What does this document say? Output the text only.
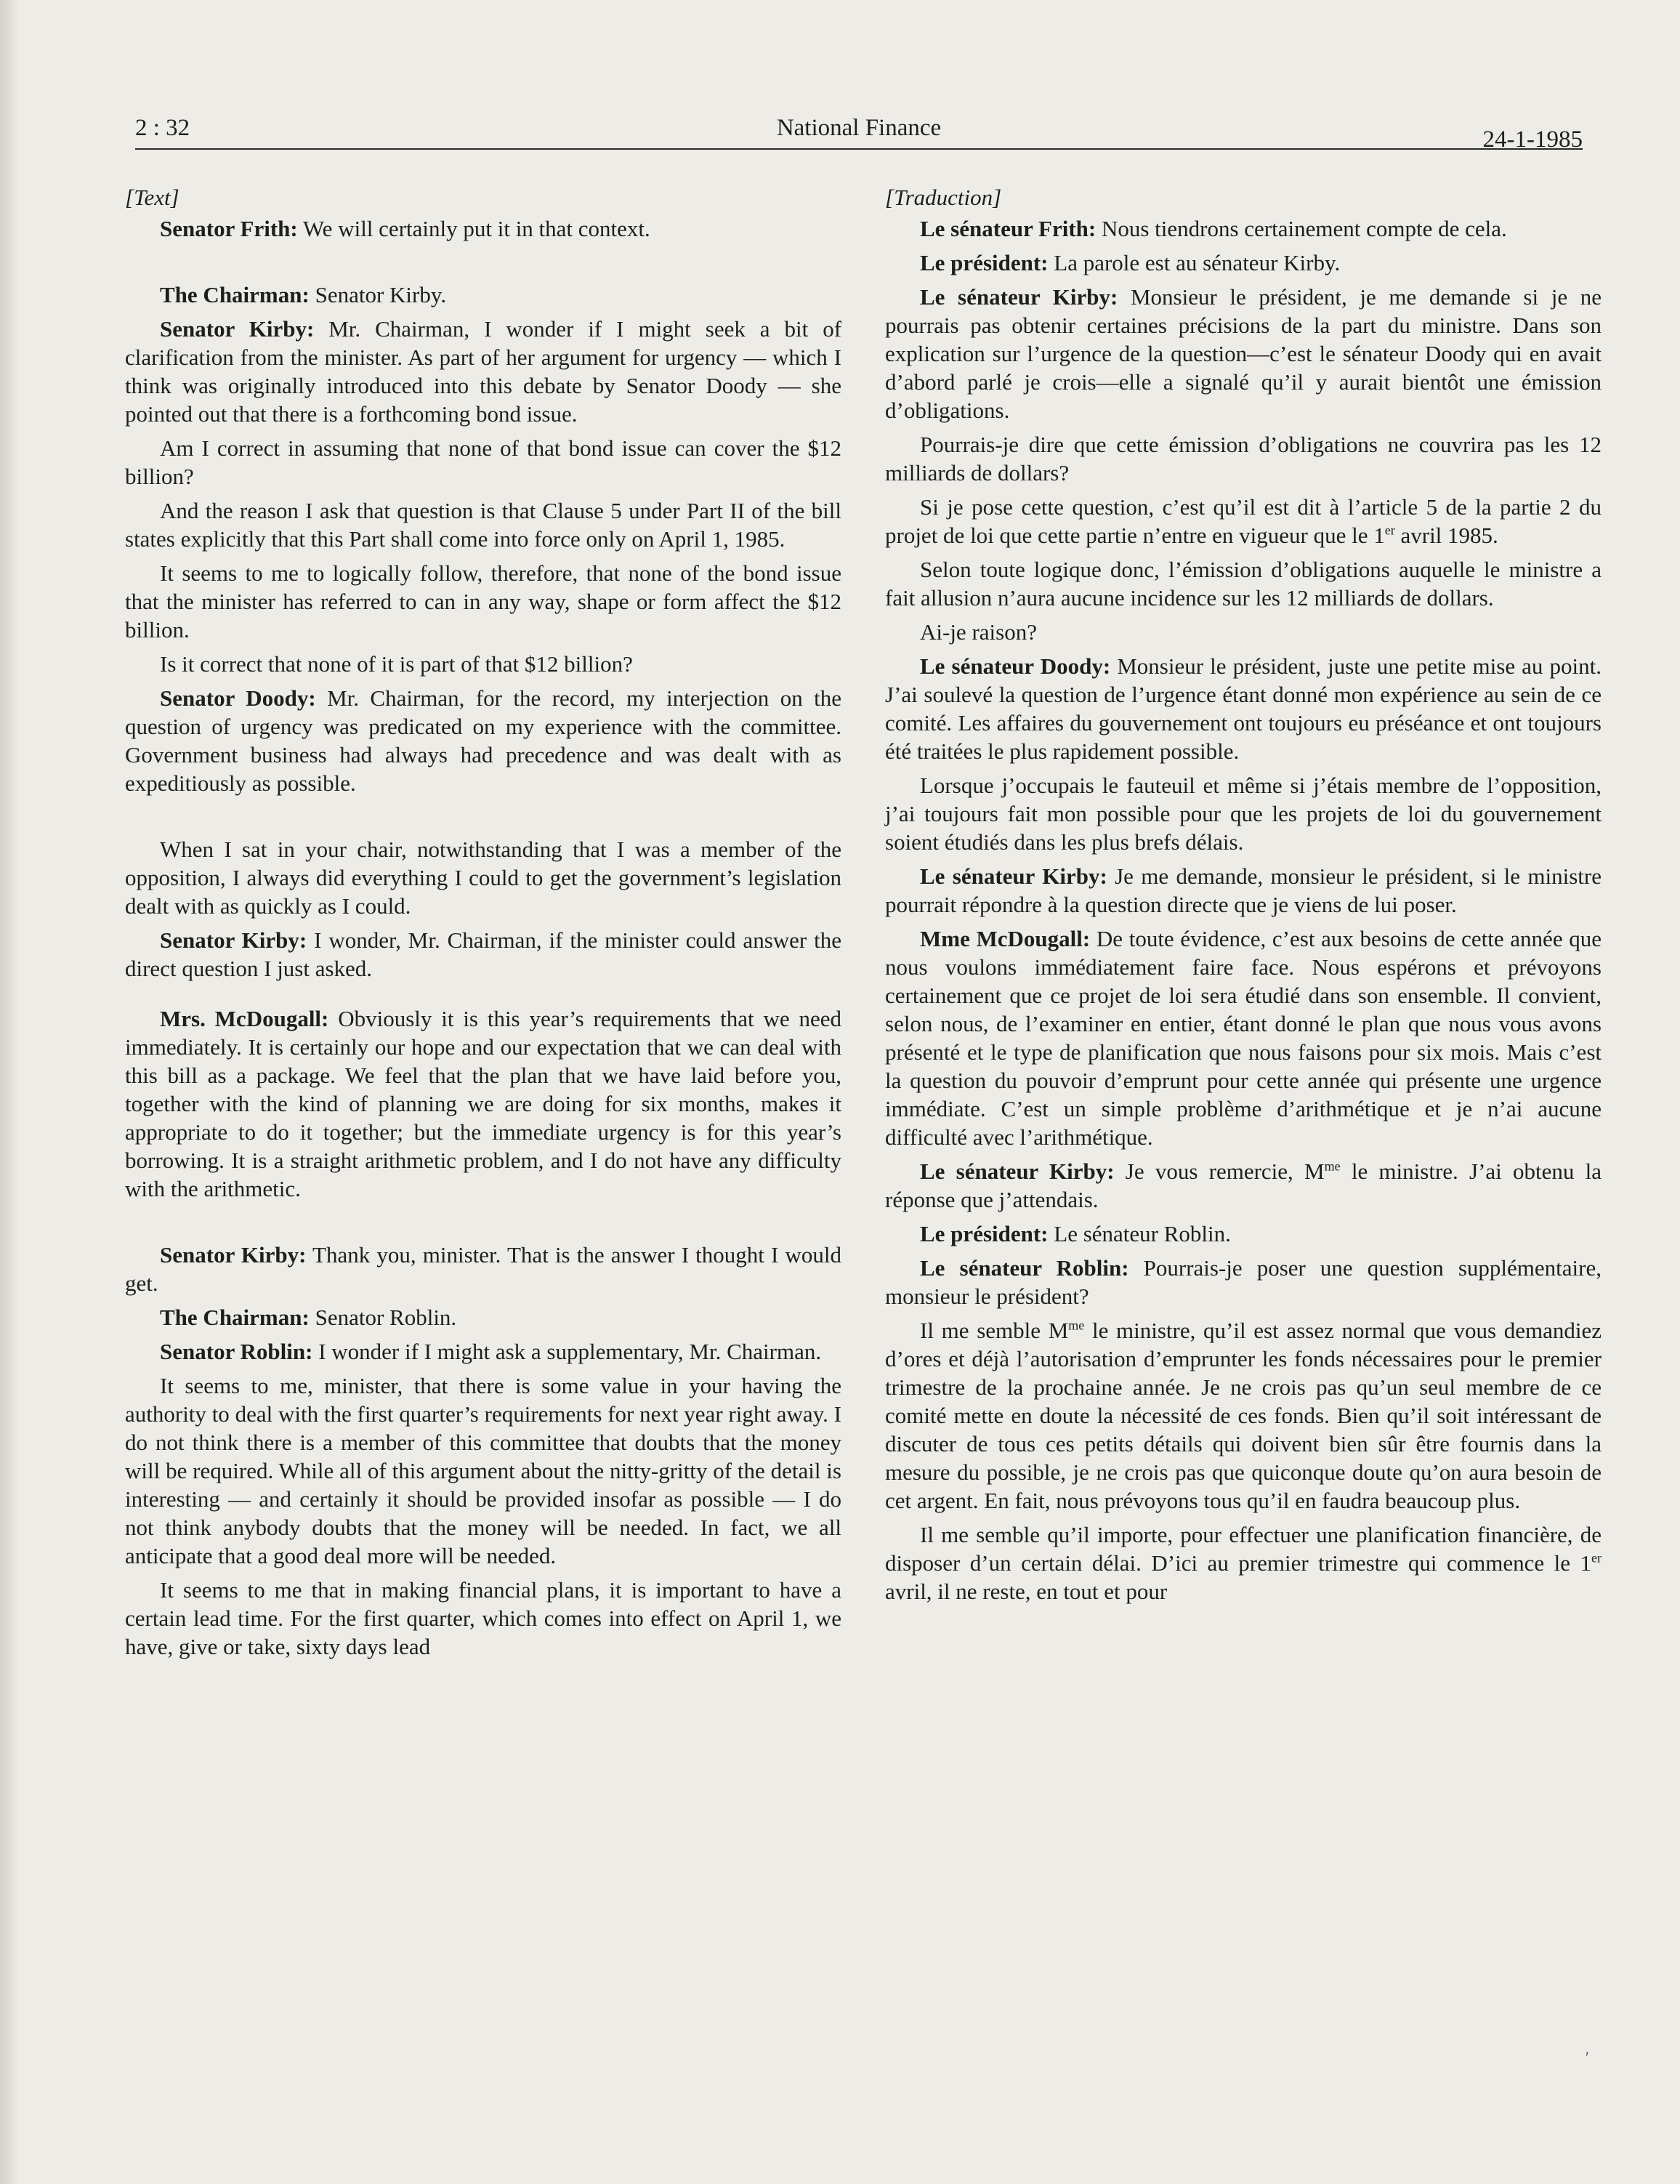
2 : 32	National Finance	24-1-1985

[Text]

Senator Frith: We will certainly put it in that context.

The Chairman: Senator Kirby.

Senator Kirby: Mr. Chairman, I wonder if I might seek a bit of clarification from the minister. As part of her argument for urgency — which I think was originally introduced into this debate by Senator Doody — she pointed out that there is a forthcoming bond issue.

Am I correct in assuming that none of that bond issue can cover the $12 billion?

And the reason I ask that question is that Clause 5 under Part II of the bill states explicitly that this Part shall come into force only on April 1, 1985.

It seems to me to logically follow, therefore, that none of the bond issue that the minister has referred to can in any way, shape or form affect the $12 billion.

Is it correct that none of it is part of that $12 billion?

Senator Doody: Mr. Chairman, for the record, my interjection on the question of urgency was predicated on my experience with the committee. Government business had always had precedence and was dealt with as expeditiously as possible.

When I sat in your chair, notwithstanding that I was a member of the opposition, I always did everything I could to get the government’s legislation dealt with as quickly as I could.

Senator Kirby: I wonder, Mr. Chairman, if the minister could answer the direct question I just asked.

Mrs. McDougall: Obviously it is this year’s requirements that we need immediately. It is certainly our hope and our expectation that we can deal with this bill as a package. We feel that the plan that we have laid before you, together with the kind of planning we are doing for six months, makes it appropriate to do it together; but the immediate urgency is for this year’s borrowing. It is a straight arithmetic problem, and I do not have any difficulty with the arithmetic.

Senator Kirby: Thank you, minister. That is the answer I thought I would get.

The Chairman: Senator Roblin.

Senator Roblin: I wonder if I might ask a supplementary, Mr. Chairman.

It seems to me, minister, that there is some value in your having the authority to deal with the first quarter’s requirements for next year right away. I do not think there is a member of this committee that doubts that the money will be required. While all of this argument about the nitty-gritty of the detail is interesting — and certainly it should be provided insofar as possible — I do not think anybody doubts that the money will be needed. In fact, we all anticipate that a good deal more will be needed.

It seems to me that in making financial plans, it is important to have a certain lead time. For the first quarter, which comes into effect on April 1, we have, give or take, sixty days lead

[Traduction]

Le sénateur Frith: Nous tiendrons certainement compte de cela.

Le président: La parole est au sénateur Kirby.

Le sénateur Kirby: Monsieur le président, je me demande si je ne pourrais pas obtenir certaines précisions de la part du ministre. Dans son explication sur l’urgence de la question—c’est le sénateur Doody qui en avait d’abord parlé je crois—elle a signalé qu’il y aurait bientôt une émission d’obligations.

Pourrais-je dire que cette émission d’obligations ne couvrira pas les 12 milliards de dollars?

Si je pose cette question, c’est qu’il est dit à l’article 5 de la partie 2 du projet de loi que cette partie n’entre en vigueur que le 1er avril 1985.

Selon toute logique donc, l’émission d’obligations auquelle le ministre a fait allusion n’aura aucune incidence sur les 12 milliards de dollars.

Ai-je raison?

Le sénateur Doody: Monsieur le président, juste une petite mise au point. J’ai soulevé la question de l’urgence étant donné mon expérience au sein de ce comité. Les affaires du gouvernement ont toujours eu préséance et ont toujours été traitées le plus rapidement possible.

Lorsque j’occupais le fauteuil et même si j’étais membre de l’opposition, j’ai toujours fait mon possible pour que les projets de loi du gouvernement soient étudiés dans les plus brefs délais.

Le sénateur Kirby: Je me demande, monsieur le président, si le ministre pourrait répondre à la question directe que je viens de lui poser.

Mme McDougall: De toute évidence, c’est aux besoins de cette année que nous voulons immédiatement faire face. Nous espérons et prévoyons certainement que ce projet de loi sera étudié dans son ensemble. Il convient, selon nous, de l’examiner en entier, étant donné le plan que nous vous avons présenté et le type de planification que nous faisons pour six mois. Mais c’est la question du pouvoir d’emprunt pour cette année qui présente une urgence immédiate. C’est un simple problème d’arithmétique et je n’ai aucune difficulté avec l’arithmétique.

Le sénateur Kirby: Je vous remercie, $M^{me}$ le ministre. J’ai obtenu la réponse que j’attendais.

Le président: Le sénateur Roblin.

Le sénateur Roblin: Pourrais-je poser une question supplémentaire, monsieur le président?

Il me semble $M^{me}$ le ministre, qu’il est assez normal que vous demandiez d’ores et déjà l’autorisation d’emprunter les fonds nécessaires pour le premier trimestre de la prochaine année. Je ne crois pas qu’un seul membre de ce comité mette en doute la nécessité de ces fonds. Bien qu’il soit intéressant de discuter de tous ces petits détails qui doivent bien sûr être fournis dans la mesure du possible, je ne crois pas que quiconque doute qu’on aura besoin de cet argent. En fait, nous prévoyons tous qu’il en faudra beaucoup plus.

Il me semble qu’il importe, pour effectuer une planification financière, de disposer d’un certain délai. D’ici au premier trimestre qui commence le 1er avril, il ne reste, en tout et pour

′
